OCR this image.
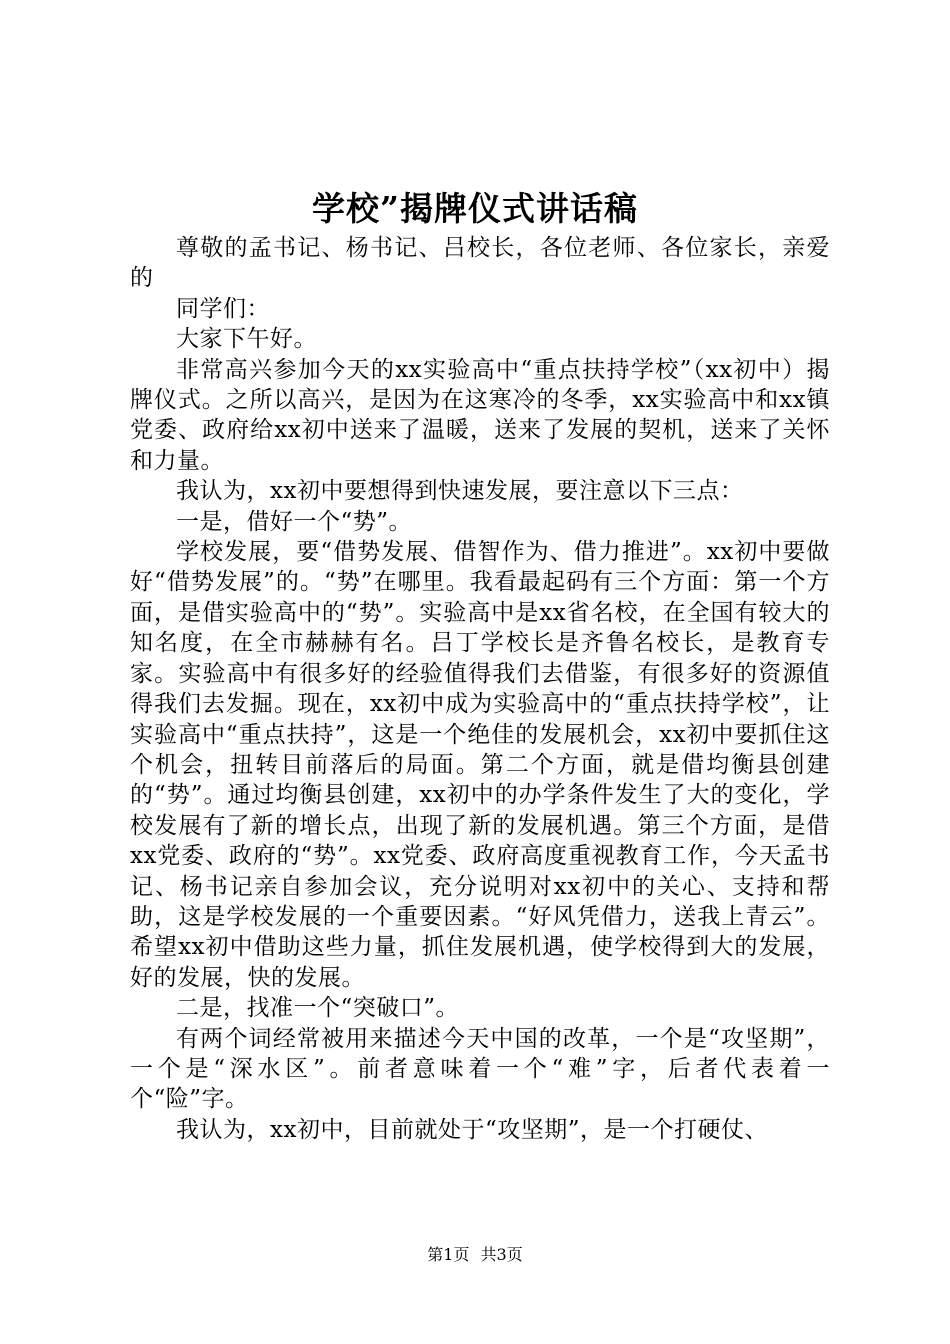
学校”揭牌仪式讲话稿

尊敬的孟书记、杨书记、吕校长，各位老师、各位家长，亲爱的

同学们：

大家下午好。

非常高兴参加今天的xx实验高中“重点扶持学校”（xx初中）揭牌仪式。之所以高兴，是因为在这寒冷的冬季，xx实验高中和xx镇党委、政府给xx初中送来了温暖，送来了发展的契机，送来了关怀和力量。

我认为，xx初中要想得到快速发展，要注意以下三点：

一是，借好一个“势”。

学校发展，要“借势发展、借智作为、借力推进”。xx初中要做好“借势发展”的。“势”在哪里。我看最起码有三个方面：第一个方面，是借实验高中的“势”。实验高中是xx省名校，在全国有较大的知名度，在全市赫赫有名。吕丁学校长是齐鲁名校长，是教育专家。实验高中有很多好的经验值得我们去借鉴，有很多好的资源值得我们去发掘。现在，xx初中成为实验高中的“重点扶持学校”，让实验高中“重点扶持”，这是一个绝佳的发展机会，xx初中要抓住这个机会，扭转目前落后的局面。第二个方面，就是借均衡县创建的“势”。通过均衡县创建，xx初中的办学条件发生了大的变化，学校发展有了新的增长点，出现了新的发展机遇。第三个方面，是借xx党委、政府的“势”。xx党委、政府高度重视教育工作，今天孟书记、杨书记亲自参加会议，充分说明对xx初中的关心、支持和帮助，这是学校发展的一个重要因素。“好风凭借力，送我上青云”。希望xx初中借助这些力量，抓住发展机遇，使学校得到大的发展，好的发展，快的发展。

二是，找准一个“突破口”。

有两个词经常被用来描述今天中国的改革，一个是“攻坚期”，一个是“深水区”。前者意味着一个“难”字，后者代表着一个“险”字。

我认为，xx初中，目前就处于“攻坚期”，是一个打硬仗、

第1页 共3页
